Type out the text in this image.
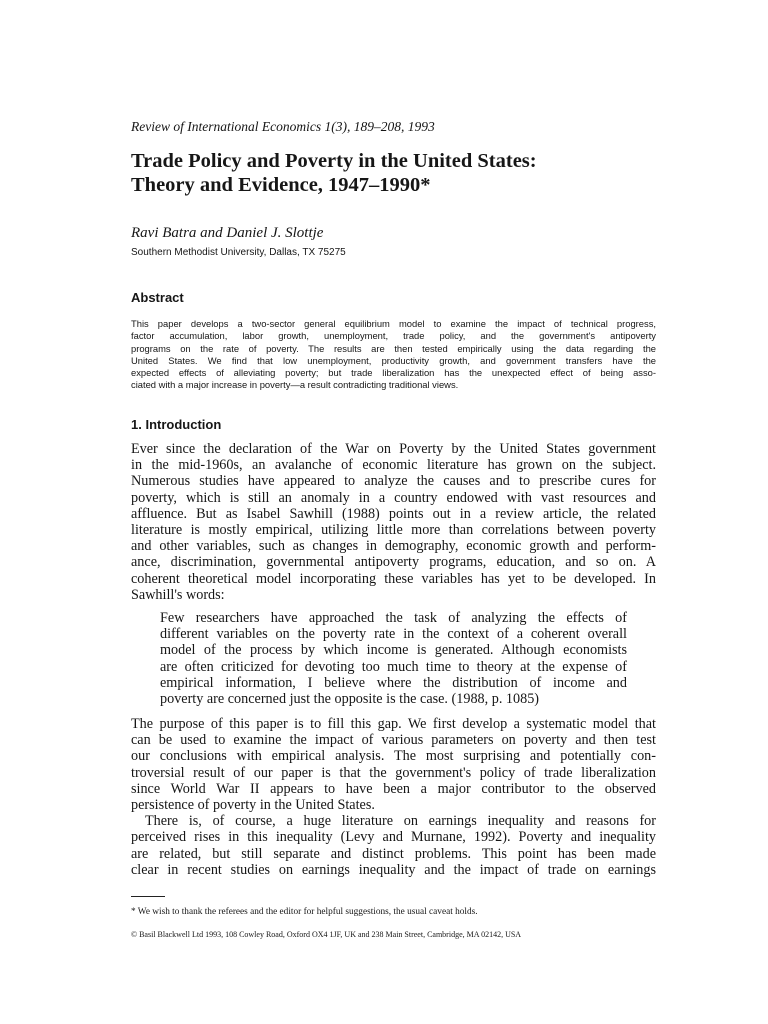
Review of International Economics 1(3), 189–208, 1993
Trade Policy and Poverty in the United States:
Theory and Evidence, 1947–1990*
Ravi Batra and Daniel J. Slottje
Southern Methodist University, Dallas, TX 75275
Abstract
This paper develops a two-sector general equilibrium model to examine the impact of technical progress,
factor accumulation, labor growth, unemployment, trade policy, and the government's antipoverty
programs on the rate of poverty. The results are then tested empirically using the data regarding the
United States. We find that low unemployment, productivity growth, and government transfers have the
expected effects of alleviating poverty; but trade liberalization has the unexpected effect of being asso-
ciated with a major increase in poverty—a result contradicting traditional views.
1. Introduction
Ever since the declaration of the War on Poverty by the United States government
in the mid-1960s, an avalanche of economic literature has grown on the subject.
Numerous studies have appeared to analyze the causes and to prescribe cures for
poverty, which is still an anomaly in a country endowed with vast resources and
affluence. But as Isabel Sawhill (1988) points out in a review article, the related
literature is mostly empirical, utilizing little more than correlations between poverty
and other variables, such as changes in demography, economic growth and perform-
ance, discrimination, governmental antipoverty programs, education, and so on. A
coherent theoretical model incorporating these variables has yet to be developed. In
Sawhill's words:
Few researchers have approached the task of analyzing the effects of
different variables on the poverty rate in the context of a coherent overall
model of the process by which income is generated. Although economists
are often criticized for devoting too much time to theory at the expense of
empirical information, I believe where the distribution of income and
poverty are concerned just the opposite is the case. (1988, p. 1085)
The purpose of this paper is to fill this gap. We first develop a systematic model that
can be used to examine the impact of various parameters on poverty and then test
our conclusions with empirical analysis. The most surprising and potentially con-
troversial result of our paper is that the government's policy of trade liberalization
since World War II appears to have been a major contributor to the observed
persistence of poverty in the United States.
There is, of course, a huge literature on earnings inequality and reasons for
perceived rises in this inequality (Levy and Murnane, 1992). Poverty and inequality
are related, but still separate and distinct problems. This point has been made
clear in recent studies on earnings inequality and the impact of trade on earnings
* We wish to thank the referees and the editor for helpful suggestions, the usual caveat holds.
© Basil Blackwell Ltd 1993, 108 Cowley Road, Oxford OX4 1JF, UK and 238 Main Street, Cambridge, MA 02142, USA
